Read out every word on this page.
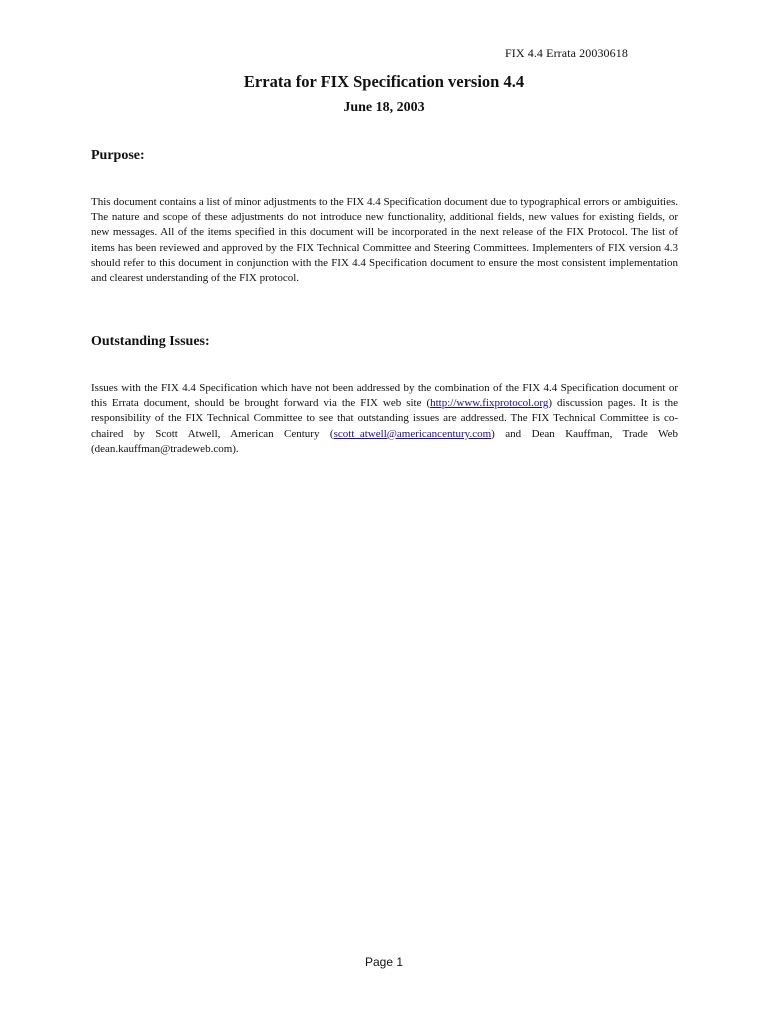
FIX 4.4 Errata 20030618
Errata for FIX Specification version 4.4
June 18, 2003
Purpose:
This document contains a list of minor adjustments to the FIX 4.4 Specification document due to typographical errors or ambiguities. The nature and scope of these adjustments do not introduce new functionality, additional fields, new values for existing fields, or new messages. All of the items specified in this document will be incorporated in the next release of the FIX Protocol. The list of items has been reviewed and approved by the FIX Technical Committee and Steering Committees. Implementers of FIX version 4.3 should refer to this document in conjunction with the FIX 4.4 Specification document to ensure the most consistent implementation and clearest understanding of the FIX protocol.
Outstanding Issues:
Issues with the FIX 4.4 Specification which have not been addressed by the combination of the FIX 4.4 Specification document or this Errata document, should be brought forward via the FIX web site (http://www.fixprotocol.org) discussion pages. It is the responsibility of the FIX Technical Committee to see that outstanding issues are addressed. The FIX Technical Committee is co-chaired by Scott Atwell, American Century (scott_atwell@americancentury.com) and Dean Kauffman, Trade Web (dean.kauffman@tradeweb.com).
Page 1
